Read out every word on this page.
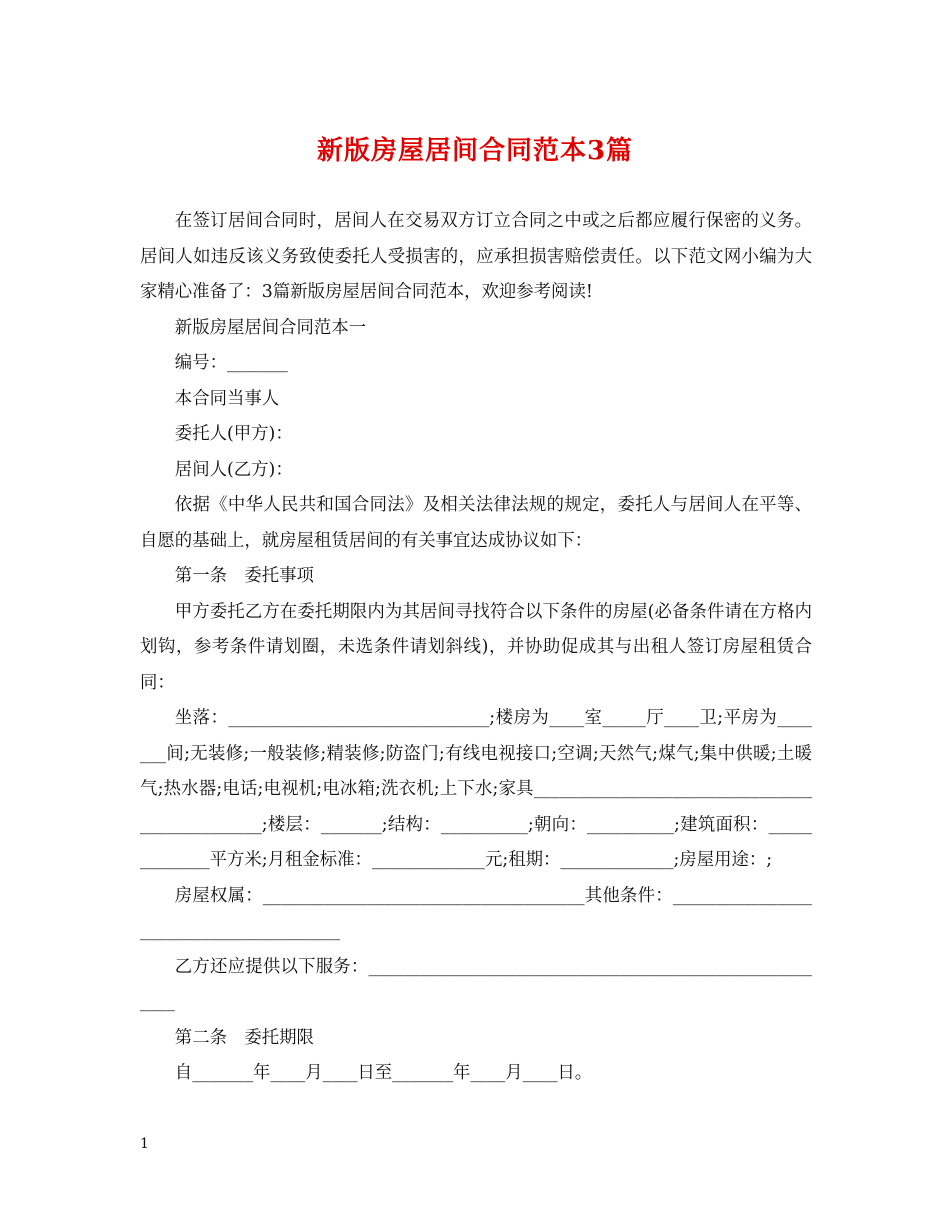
新版房屋居间合同范本3篇

在签订居间合同时，居间人在交易双方订立合同之中或之后都应履行保密的义务。居间人如违反该义务致使委托人受损害的，应承担损害赔偿责任。以下范文网小编为大家精心准备了：3篇新版房屋居间合同范本，欢迎参考阅读!

新版房屋居间合同范本一

编号：_______

本合同当事人

委托人(甲方)：

居间人(乙方)：

依据《中华人民共和国合同法》及相关法律法规的规定，委托人与居间人在平等、自愿的基础上，就房屋租赁居间的有关事宜达成协议如下：

第一条　委托事项

甲方委托乙方在委托期限内为其居间寻找符合以下条件的房屋(必备条件请在方格内划钩，参考条件请划圈，未选条件请划斜线)，并协助促成其与出租人签订房屋租赁合同：

坐落：______________________________;楼房为____室_____厅____卫;平房为_______间;无装修;一般装修;精装修;防盗门;有线电视接口;空调;天然气;煤气;集中供暖;土暖气;热水器;电话;电视机;电冰箱;洗衣机;上下水;家具______________________________________________;楼层：_______;结构：__________;朝向：__________;建筑面积：_____________平方米;月租金标准：_____________元;租期：_____________;房屋用途：;

房屋权属：_____________________________________其他条件：_______________________________________

乙方还应提供以下服务：_______________________________________________________

第二条　委托期限

自_______年____月____日至_______年____月____日。

1
